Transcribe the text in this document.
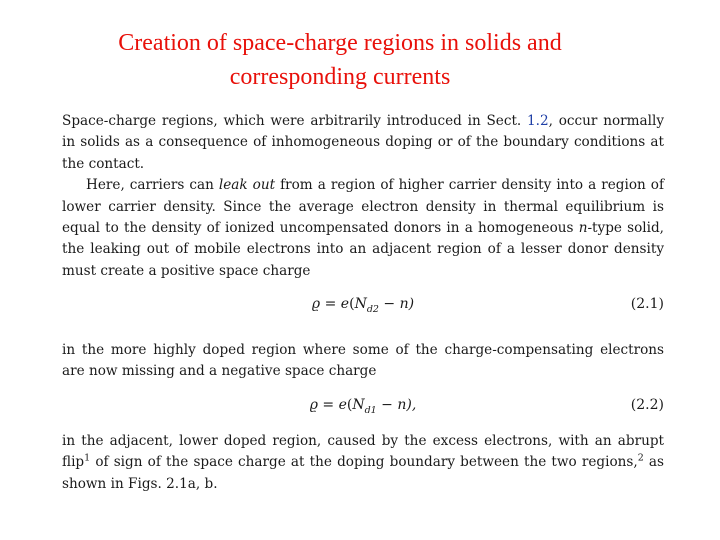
Creation of space-charge regions in solids and
corresponding currents

Space-charge regions, which were arbitrarily introduced in Sect. 1.2, occur normally in solids as a consequence of inhomogeneous doping or of the boundary conditions at the contact.

Here, carriers can leak out from a region of higher carrier density into a region of lower carrier density. Since the average electron density in thermal equilibrium is equal to the density of ionized uncompensated donors in a homogeneous n-type solid, the leaking out of mobile electrons into an adjacent region of a lesser donor density must create a positive space charge

$ϱ = e(N_{d2} - n)$	(2.1)

in the more highly doped region where some of the charge-compensating electrons are now missing and a negative space charge

$ϱ = e(N_{d1} - n)$,	(2.2)

in the adjacent, lower doped region, caused by the excess electrons, with an abrupt flip$^1$ of sign of the space charge at the doping boundary between the two regions,$^2$ as shown in Figs. 2.1a, b.
